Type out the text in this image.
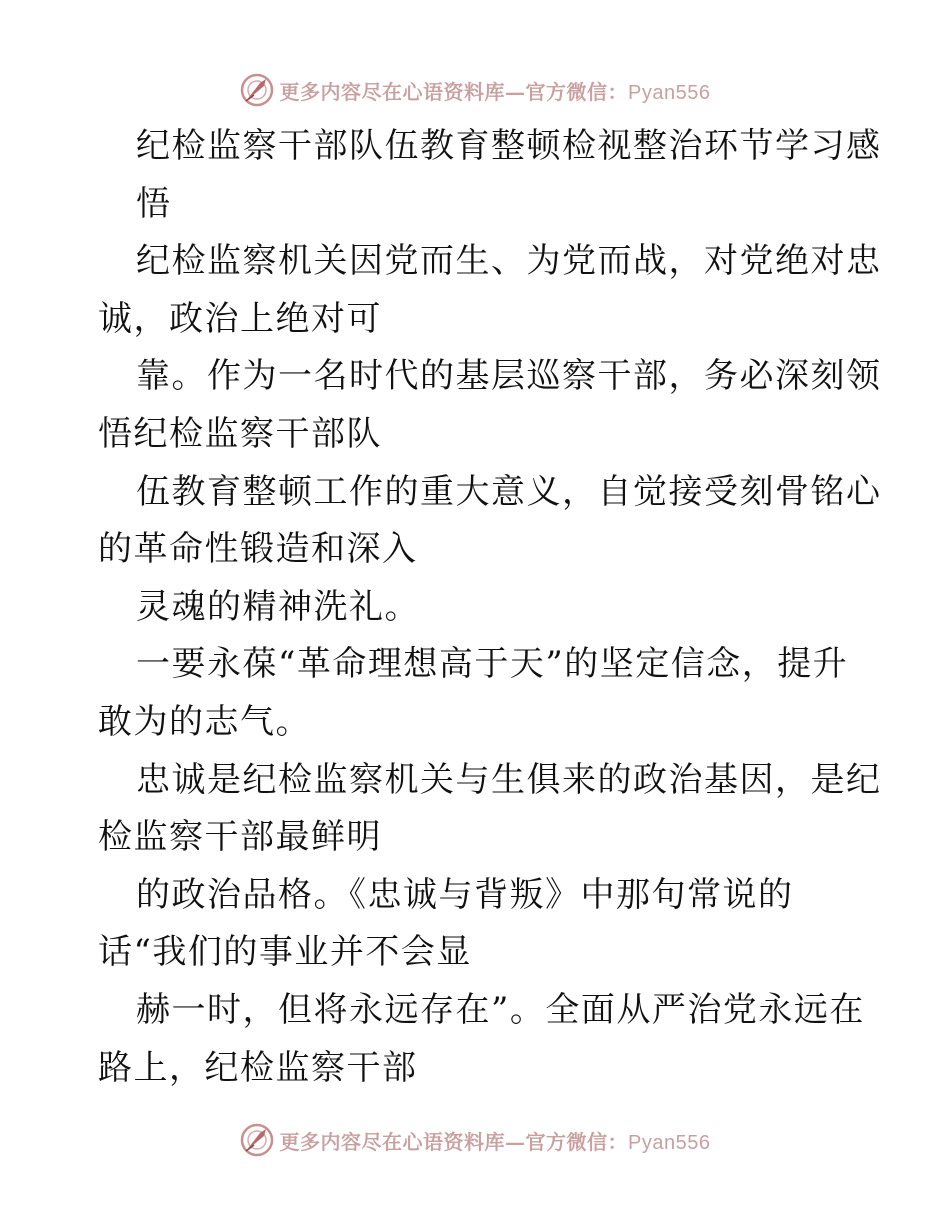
更多内容尽在心语资料库—官方微信：Pyan556
纪检监察干部队伍教育整顿检视整治环节学习感
悟
纪检监察机关因党而生、为党而战，对党绝对忠
诚，政治上绝对可
靠。作为一名时代的基层巡察干部，务必深刻领
悟纪检监察干部队
伍教育整顿工作的重大意义，自觉接受刻骨铭心
的革命性锻造和深入
灵魂的精神洗礼。
一要永葆“革命理想高于天”的坚定信念，提升
敢为的志气。
忠诚是纪检监察机关与生俱来的政治基因，是纪
检监察干部最鲜明
的政治品格。《忠诚与背叛》中那句常说的
话“我们的事业并不会显
赫一时，但将永远存在”。全面从严治党永远在
路上，纪检监察干部
更多内容尽在心语资料库—官方微信：Pyan556
